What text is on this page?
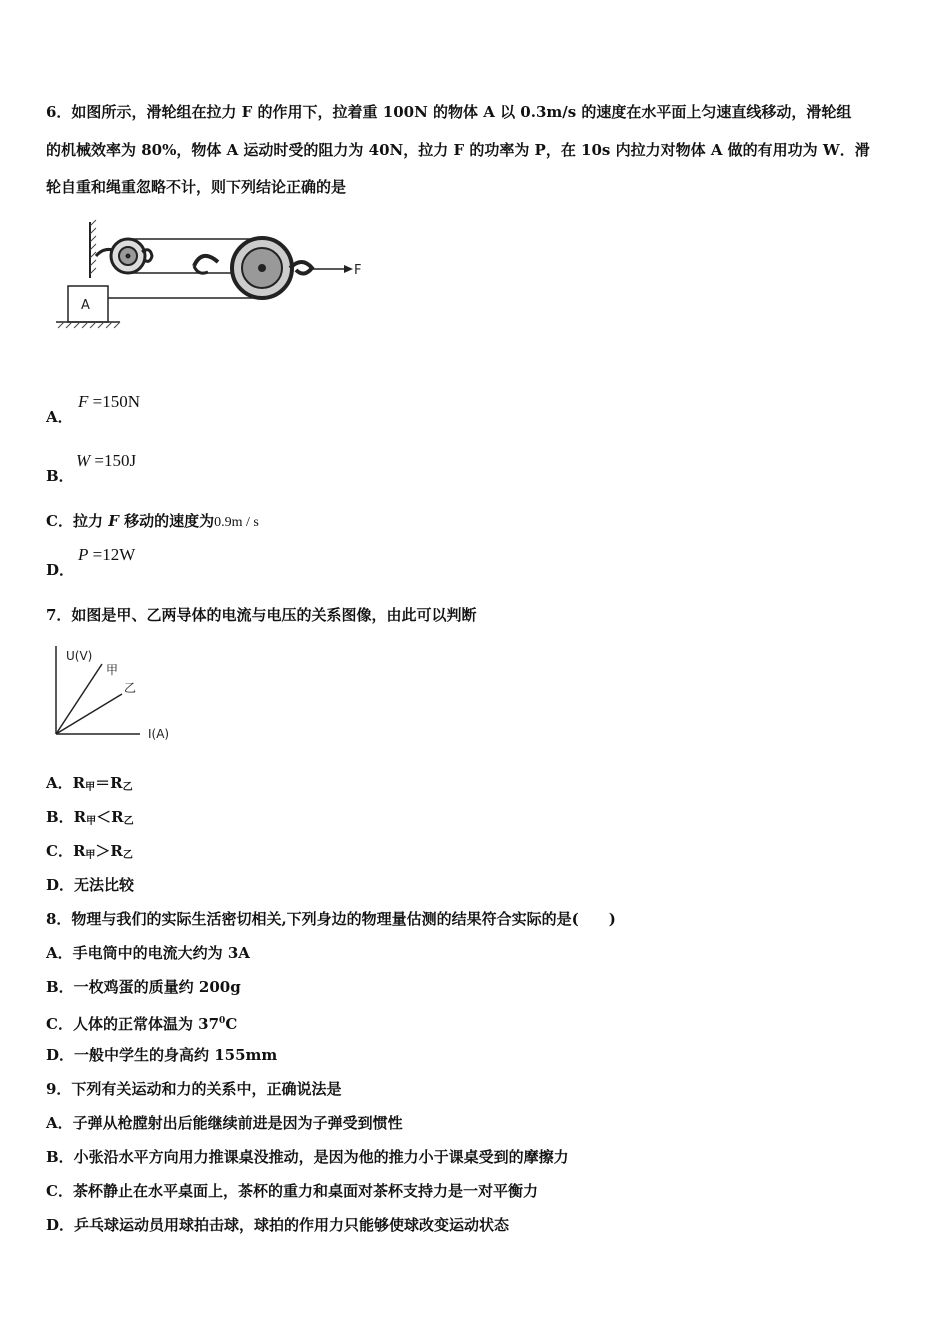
6．如图所示，滑轮组在拉力 F 的作用下，拉着重 100N 的物体 A 以 0.3m/s 的速度在水平面上匀速直线移动，滑轮组
的机械效率为 80%，物体 A 运动时受的阻力为 40N，拉力 F 的功率为 P，在 10s 内拉力对物体 A 做的有用功为 W．滑
轮自重和绳重忽略不计，则下列结论正确的是
F
A
A．
F =150N
B．
W =150J
C．拉力 F 移动的速度为0.9m / s
D．
P =12W
7．如图是甲、乙两导体的电流与电压的关系图像，由此可以判断
U(V)
甲
乙
I(A)
A．$R_甲=R_乙$
B．$R_甲<R_乙$
C．$R_甲>R_乙$
D．无法比较
8．物理与我们的实际生活密切相关,下列身边的物理量估测的结果符合实际的是(　　)
A．手电筒中的电流大约为 3A
B．一枚鸡蛋的质量约 200g
C．人体的正常体温为 $37^0C$
D．一般中学生的身高约 155mm
9．下列有关运动和力的关系中，正确说法是
A．子弹从枪膛射出后能继续前进是因为子弹受到惯性
B．小张沿水平方向用力推课桌没推动，是因为他的推力小于课桌受到的摩擦力
C．茶杯静止在水平桌面上，茶杯的重力和桌面对茶杯支持力是一对平衡力
D．乒乓球运动员用球拍击球，球拍的作用力只能够使球改变运动状态
